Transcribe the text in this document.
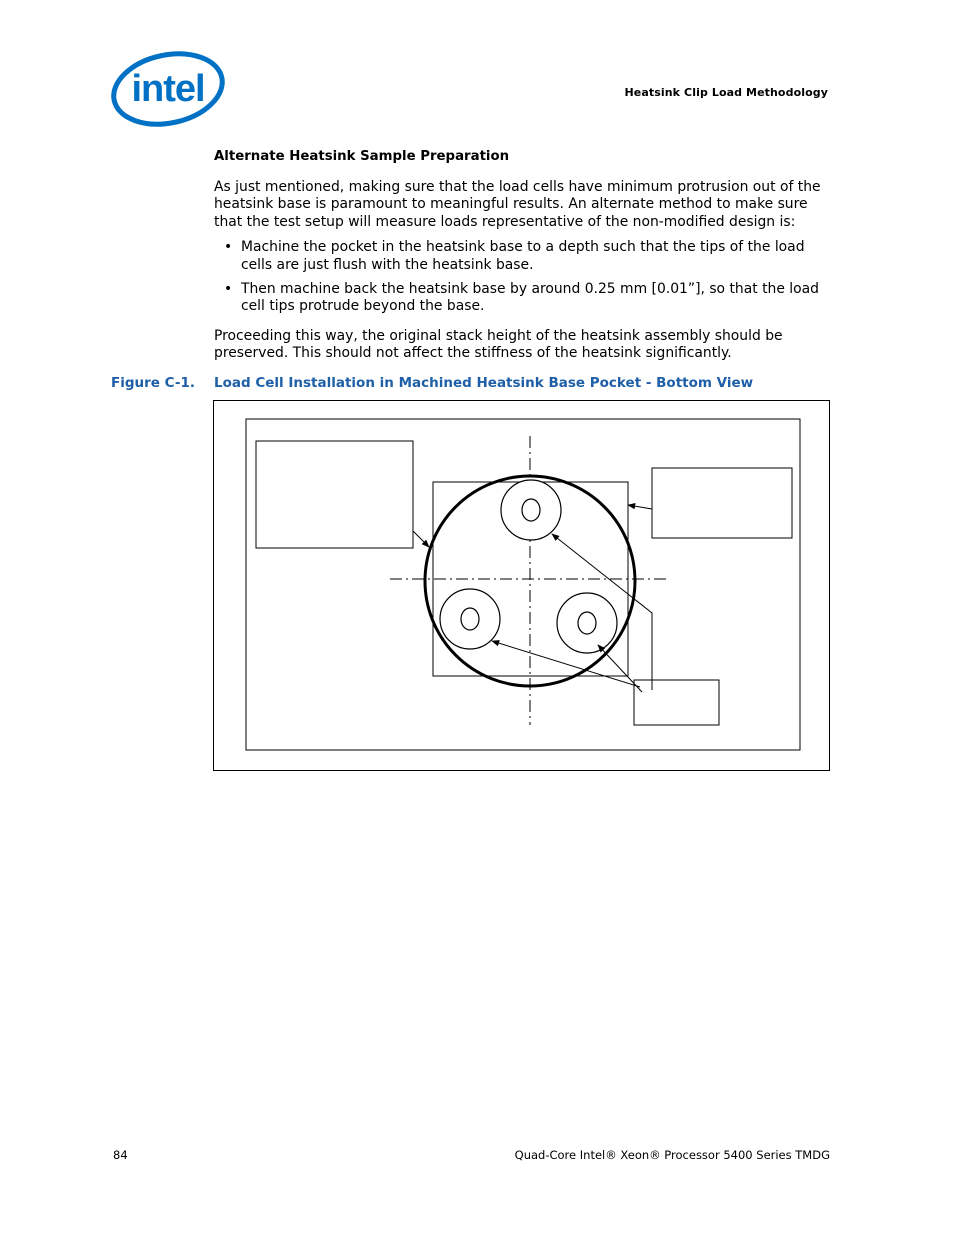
intel	Heatsink Clip Load Methodology

Alternate Heatsink Sample Preparation

As just mentioned, making sure that the load cells have minimum protrusion out of the heatsink base is paramount to meaningful results. An alternate method to make sure that the test setup will measure loads representative of the non-modified design is:

• Machine the pocket in the heatsink base to a depth such that the tips of the load cells are just flush with the heatsink base.
• Then machine back the heatsink base by around 0.25 mm [0.01”], so that the load cell tips protrude beyond the base.

Proceeding this way, the original stack height of the heatsink assembly should be preserved. This should not affect the stiffness of the heatsink significantly.

Figure C-1. Load Cell Installation in Machined Heatsink Base Pocket - Bottom View
84	Quad-Core Intel® Xeon® Processor 5400 Series TMDG
